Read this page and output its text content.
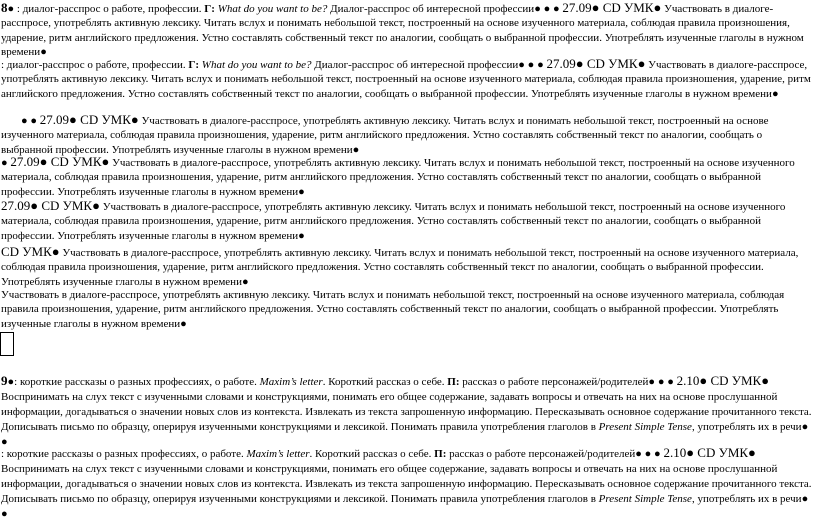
8● : диалог-расспрос о работе, профессии. Г: What do you want to be? Диалог-расспрос об интересной профессии● ● ● 27.09● CD УМК● Участвовать в диалоге-расспросе, употреблять активную лексику. Читать вслух и понимать небольшой текст, построенный на основе изученного материала, соблюдая правила произношения, ударение, ритм английского предложения. Устно составлять собственный текст по аналогии, сообщать о выбранной профессии. Употреблять изученные глаголы в нужном времени●

: диалог-расспрос о работе, профессии. Г: What do you want to be? Диалог-расспрос об интересной профессии● ● ● 27.09● CD УМК● Участвовать в диалоге-расспросе, употреблять активную лексику. Читать вслух и понимать небольшой текст, построенный на основе изученного материала, соблюдая правила произношения, ударение, ритм английского предложения. Устно составлять собственный текст по аналогии, сообщать о выбранной профессии. Употреблять изученные глаголы в нужном времени●

● ● 27.09● CD УМК● Участвовать в диалоге-расспросе, употреблять активную лексику. Читать вслух и понимать небольшой текст, построенный на основе изученного материала, соблюдая правила произношения, ударение, ритм английского предложения. Устно составлять собственный текст по аналогии, сообщать о выбранной профессии. Употреблять изученные глаголы в нужном времени●

● 27.09● CD УМК● Участвовать в диалоге-расспросе, употреблять активную лексику. Читать вслух и понимать небольшой текст, построенный на основе изученного материала, соблюдая правила произношения, ударение, ритм английского предложения. Устно составлять собственный текст по аналогии, сообщать о выбранной профессии. Употреблять изученные глаголы в нужном времени●

27.09● CD УМК● Участвовать в диалоге-расспросе, употреблять активную лексику. Читать вслух и понимать небольшой текст, построенный на основе изученного материала, соблюдая правила произношения, ударение, ритм английского предложения. Устно составлять собственный текст по аналогии, сообщать о выбранной профессии. Употреблять изученные глаголы в нужном времени●

CD УМК● Участвовать в диалоге-расспросе, употреблять активную лексику. Читать вслух и понимать небольшой текст, построенный на основе изученного материала, соблюдая правила произношения, ударение, ритм английского предложения. Устно составлять собственный текст по аналогии, сообщать о выбранной профессии. Употреблять изученные глаголы в нужном времени●

Участвовать в диалоге-расспросе, употреблять активную лексику. Читать вслух и понимать небольшой текст, построенный на основе изученного материала, соблюдая правила произношения, ударение, ритм английского предложения. Устно составлять собственный текст по аналогии, сообщать о выбранной профессии. Употреблять изученные глаголы в нужном времени●

9●: короткие рассказы о разных профессиях, о работе. Maxim’s letter. Короткий рассказ о себе. П: рассказ о работе персонажей/родителей● ● ● 2.10● CD УМК● Воспринимать на слух текст с изученными словами и конструкциями, понимать его общее содержание, задавать вопросы и отвечать на них на основе прослушанной информации, догадываться о значении новых слов из контекста. Извлекать из текста запрошенную информацию. Пересказывать основное содержание прочитанного текста. Дописывать письмо по образцу, оперируя изученными конструкциями и лексикой. Понимать правила употребления глаголов в Present Simple Tense, употреблять их в речи● ●

: короткие рассказы о разных профессиях, о работе. Maxim’s letter. Короткий рассказ о себе. П: рассказ о работе персонажей/родителей● ● ● 2.10● CD УМК● Воспринимать на слух текст с изученными словами и конструкциями, понимать его общее содержание, задавать вопросы и отвечать на них на основе прослушанной информации, догадываться о значении новых слов из контекста. Извлекать из текста запрошенную информацию. Пересказывать основное содержание прочитанного текста. Дописывать письмо по образцу, оперируя изученными конструкциями и лексикой. Понимать правила употребления глаголов в Present Simple Tense, употреблять их в речи● ●
